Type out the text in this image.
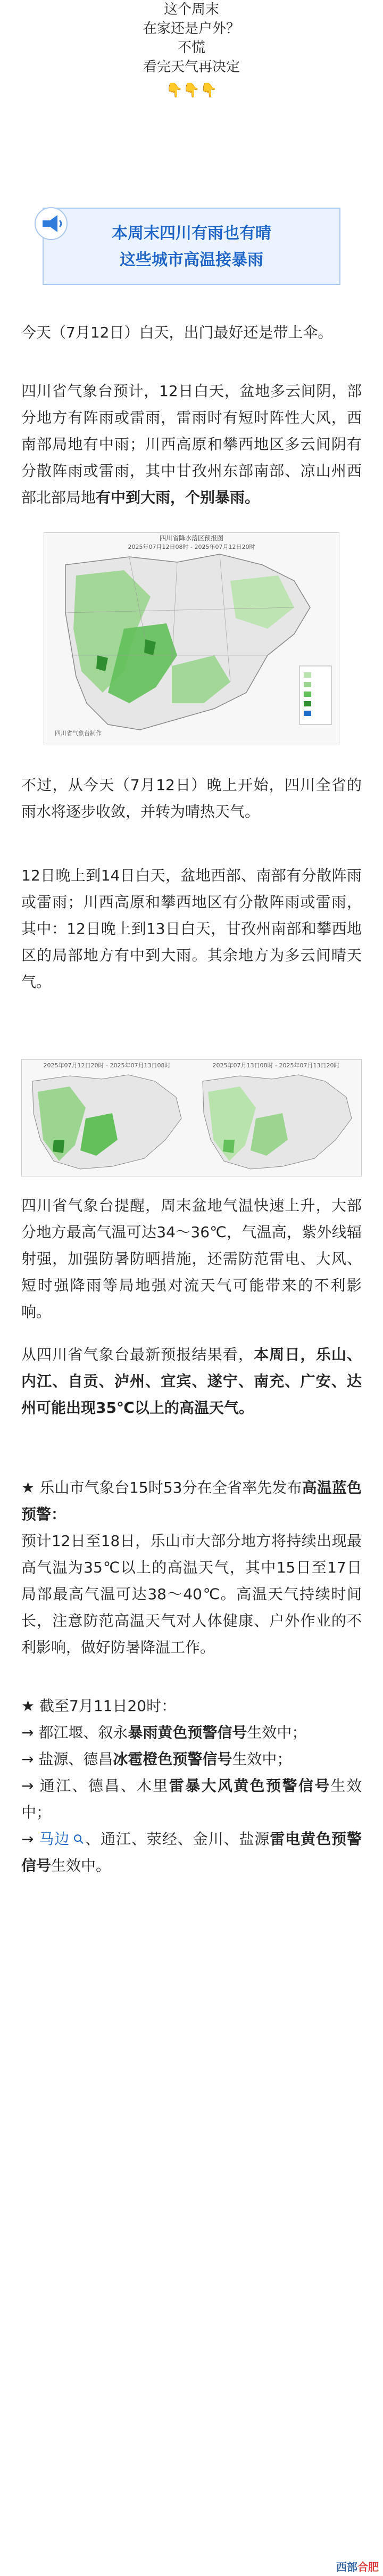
这个周末
在家还是户外？
不慌
看完天气再决定
👇👇👇
本周末四川有雨也有晴
这些城市高温接暴雨
今天（7月12日）白天，出门最好还是带上伞。
四川省气象台预计，12日白天，盆地多云间阴，部分地方有阵雨或雷雨，雷雨时有短时阵性大风，西南部局地有中雨；川西高原和攀西地区多云间阴有分散阵雨或雷雨，其中甘孜州东部南部、凉山州西部北部局地有中到大雨，个别暴雨。
四川省降水落区预报图
2025年07月12日08时 - 2025年07月12日20时
四川省气象台制作
不过，从今天（7月12日）晚上开始，四川全省的雨水将逐步收敛，并转为晴热天气。
12日晚上到14日白天，盆地西部、南部有分散阵雨或雷雨；川西高原和攀西地区有分散阵雨或雷雨，其中：12日晚上到13日白天，甘孜州南部和攀西地区的局部地方有中到大雨。其余地方为多云间晴天气。
2025年07月12日20时 - 2025年07月13日08时	2025年07月13日08时 - 2025年07月13日20时
四川省气象台提醒，周末盆地气温快速上升，大部分地方最高气温可达34～36℃，气温高，紫外线辐射强，加强防暑防晒措施，还需防范雷电、大风、短时强降雨等局地强对流天气可能带来的不利影响。
从四川省气象台最新预报结果看，本周日，乐山、内江、自贡、泸州、宜宾、遂宁、南充、广安、达州可能出现35℃以上的高温天气。
★ 乐山市气象台15时53分在全省率先发布高温蓝色预警：
预计12日至18日，乐山市大部分地方将持续出现最高气温为35℃以上的高温天气，其中15日至17日局部最高气温可达38～40℃。高温天气持续时间长，注意防范高温天气对人体健康、户外作业的不利影响，做好防暑降温工作。
★ 截至7月11日20时：
→ 都江堰、叙永暴雨黄色预警信号生效中；
→ 盐源、德昌冰雹橙色预警信号生效中；
→ 通江、德昌、木里雷暴大风黄色预警信号生效中；
→ 马边 、通江、荥经、金川、盐源雷电黄色预警信号生效中。
西部合肥
